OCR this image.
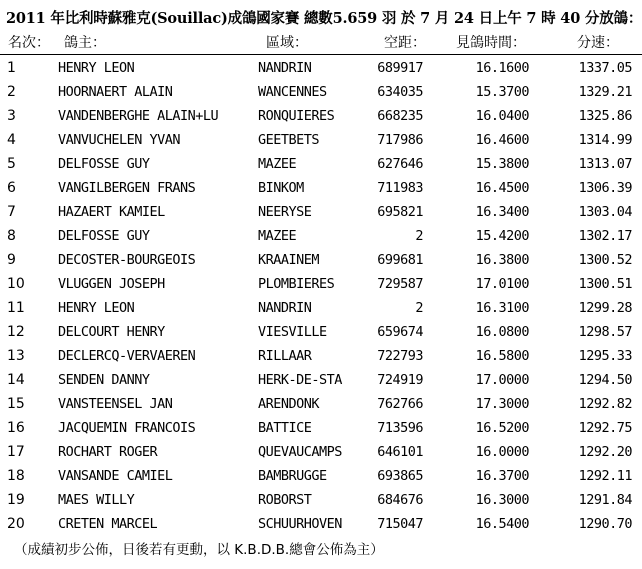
2011 年比利時蘇雅克(Souillac)成鴿國家賽 總數5.659 羽 於 7 月 24 日上午 7 時 40 分放鴿：
名次： 鴿主：	區域：	空距： 見鴿時間：	分速：
1	HENRY LEON	NANDRIN	689917	16.1600	1337.05
2	HOORNAERT ALAIN	WANCENNES	634035	15.3700	1329.21
3	VANDENBERGHE ALAIN+LU	RONQUIERES	668235	16.0400	1325.86
4	VANVUCHELEN YVAN	GEETBETS	717986	16.4600	1314.99
5	DELFOSSE GUY	MAZEE	627646	15.3800	1313.07
6	VANGILBERGEN FRANS	BINKOM	711983	16.4500	1306.39
7	HAZAERT KAMIEL	NEERYSE	695821	16.3400	1303.04
8	DELFOSSE GUY	MAZEE	2	15.4200	1302.17
9	DECOSTER-BOURGEOIS	KRAAINEM	699681	16.3800	1300.52
10 VLUGGEN JOSEPH	PLOMBIERES	729587	17.0100	1300.51
11 HENRY LEON	NANDRIN	2	16.3100	1299.28
12 DELCOURT HENRY	VIESVILLE	659674	16.0800	1298.57
13 DECLERCQ-VERVAEREN	RILLAAR	722793	16.5800	1295.33
14 SENDEN DANNY	HERK-DE-STA	724919	17.0000	1294.50
15 VANSTEENSEL JAN	ARENDONK	762766	17.3000	1292.82
16 JACQUEMIN FRANCOIS	BATTICE	713596	16.5200	1292.75
17 ROCHART ROGER	QUEVAUCAMPS	646101	16.0000	1292.20
18 VANSANDE CAMIEL	BAMBRUGGE	693865	16.3700	1292.11
19 MAES WILLY	ROBORST	684676	16.3000	1291.84
20 CRETEN MARCEL	SCHUURHOVEN	715047	16.5400	1290.70
（成績初步公佈，日後若有更動，以 K.B.D.B.總會公佈為主）
